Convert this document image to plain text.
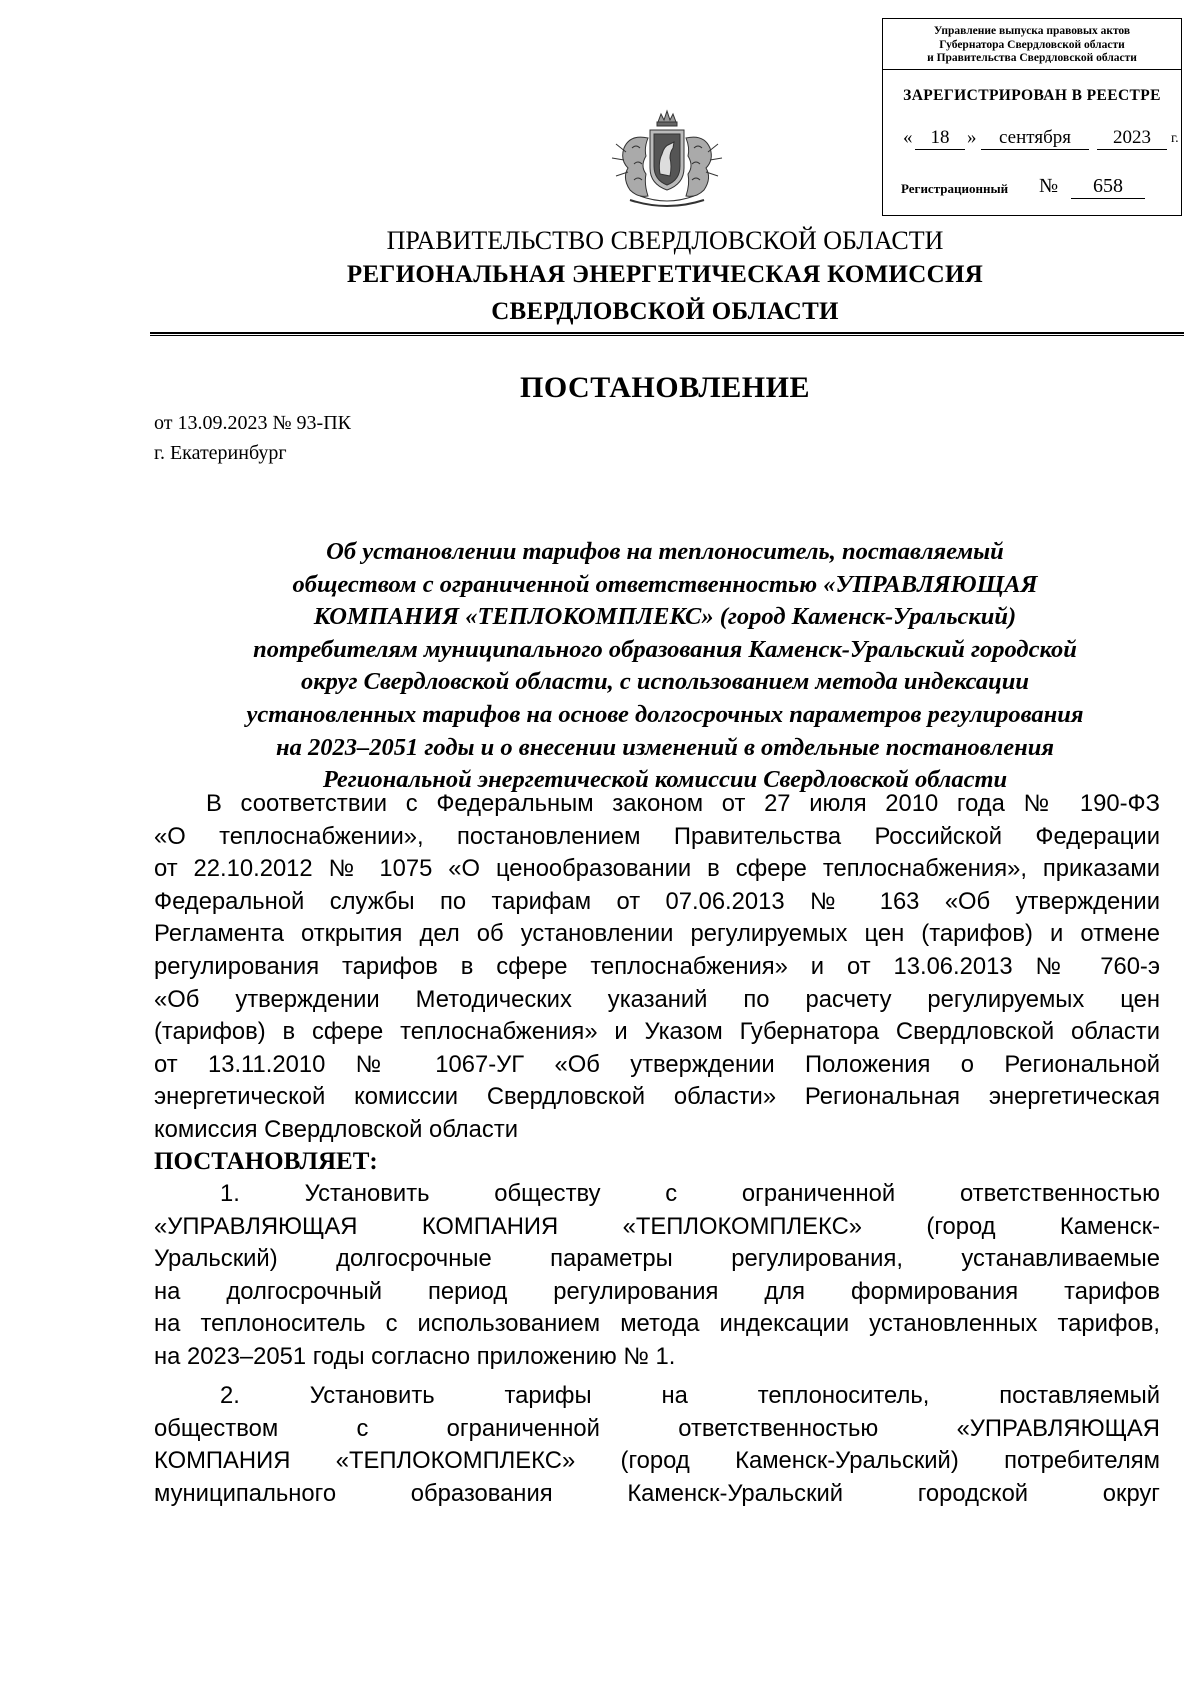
Управление выпуска правовых актов
Губернатора Свердловской области
и Правительства Свердловской области
ЗАРЕГИСТРИРОВАН В РЕЕСТРЕ
« 18 »	сентября	2023	г.
Регистрационный №	658
ПРАВИТЕЛЬСТВО СВЕРДЛОВСКОЙ ОБЛАСТИ
РЕГИОНАЛЬНАЯ ЭНЕРГЕТИЧЕСКАЯ КОМИССИЯ
СВЕРДЛОВСКОЙ ОБЛАСТИ
ПОСТАНОВЛЕНИЕ
от 13.09.2023 № 93-ПК
г. Екатеринбург
Об установлении тарифов на теплоноситель, поставляемый
обществом с ограниченной ответственностью «УПРАВЛЯЮЩАЯ
КОМПАНИЯ «ТЕПЛОКОМПЛЕКС» (город Каменск-Уральский)
потребителям муниципального образования Каменск-Уральский городской
округ Свердловской области, с использованием метода индексации
установленных тарифов на основе долгосрочных параметров регулирования
на 2023–2051 годы и о внесении изменений в отдельные постановления
Региональной энергетической комиссии Свердловской области
В соответствии с Федеральным законом от 27 июля 2010 года № 190-ФЗ
«О теплоснабжении», постановлением Правительства Российской Федерации
от 22.10.2012 № 1075 «О ценообразовании в сфере теплоснабжения», приказами
Федеральной службы по тарифам от 07.06.2013 № 163 «Об утверждении
Регламента открытия дел об установлении регулируемых цен (тарифов) и отмене
регулирования тарифов в сфере теплоснабжения» и от 13.06.2013 № 760-э
«Об утверждении Методических указаний по расчету регулируемых цен
(тарифов) в сфере теплоснабжения» и Указом Губернатора Свердловской области
от 13.11.2010 № 1067-УГ «Об утверждении Положения о Региональной
энергетической комиссии Свердловской области» Региональная энергетическая
комиссия Свердловской области
ПОСТАНОВЛЯЕТ:
1. Установить обществу с ограниченной ответственностью
«УПРАВЛЯЮЩАЯ КОМПАНИЯ «ТЕПЛОКОМПЛЕКС» (город Каменск-
Уральский) долгосрочные параметры регулирования, устанавливаемые
на долгосрочный период регулирования для формирования тарифов
на теплоноситель с использованием метода индексации установленных тарифов,
на 2023–2051 годы согласно приложению № 1.
2. Установить тарифы на теплоноситель, поставляемый
обществом с ограниченной ответственностью «УПРАВЛЯЮЩАЯ
КОМПАНИЯ «ТЕПЛОКОМПЛЕКС» (город Каменск-Уральский) потребителям
муниципального образования Каменск-Уральский городской округ
